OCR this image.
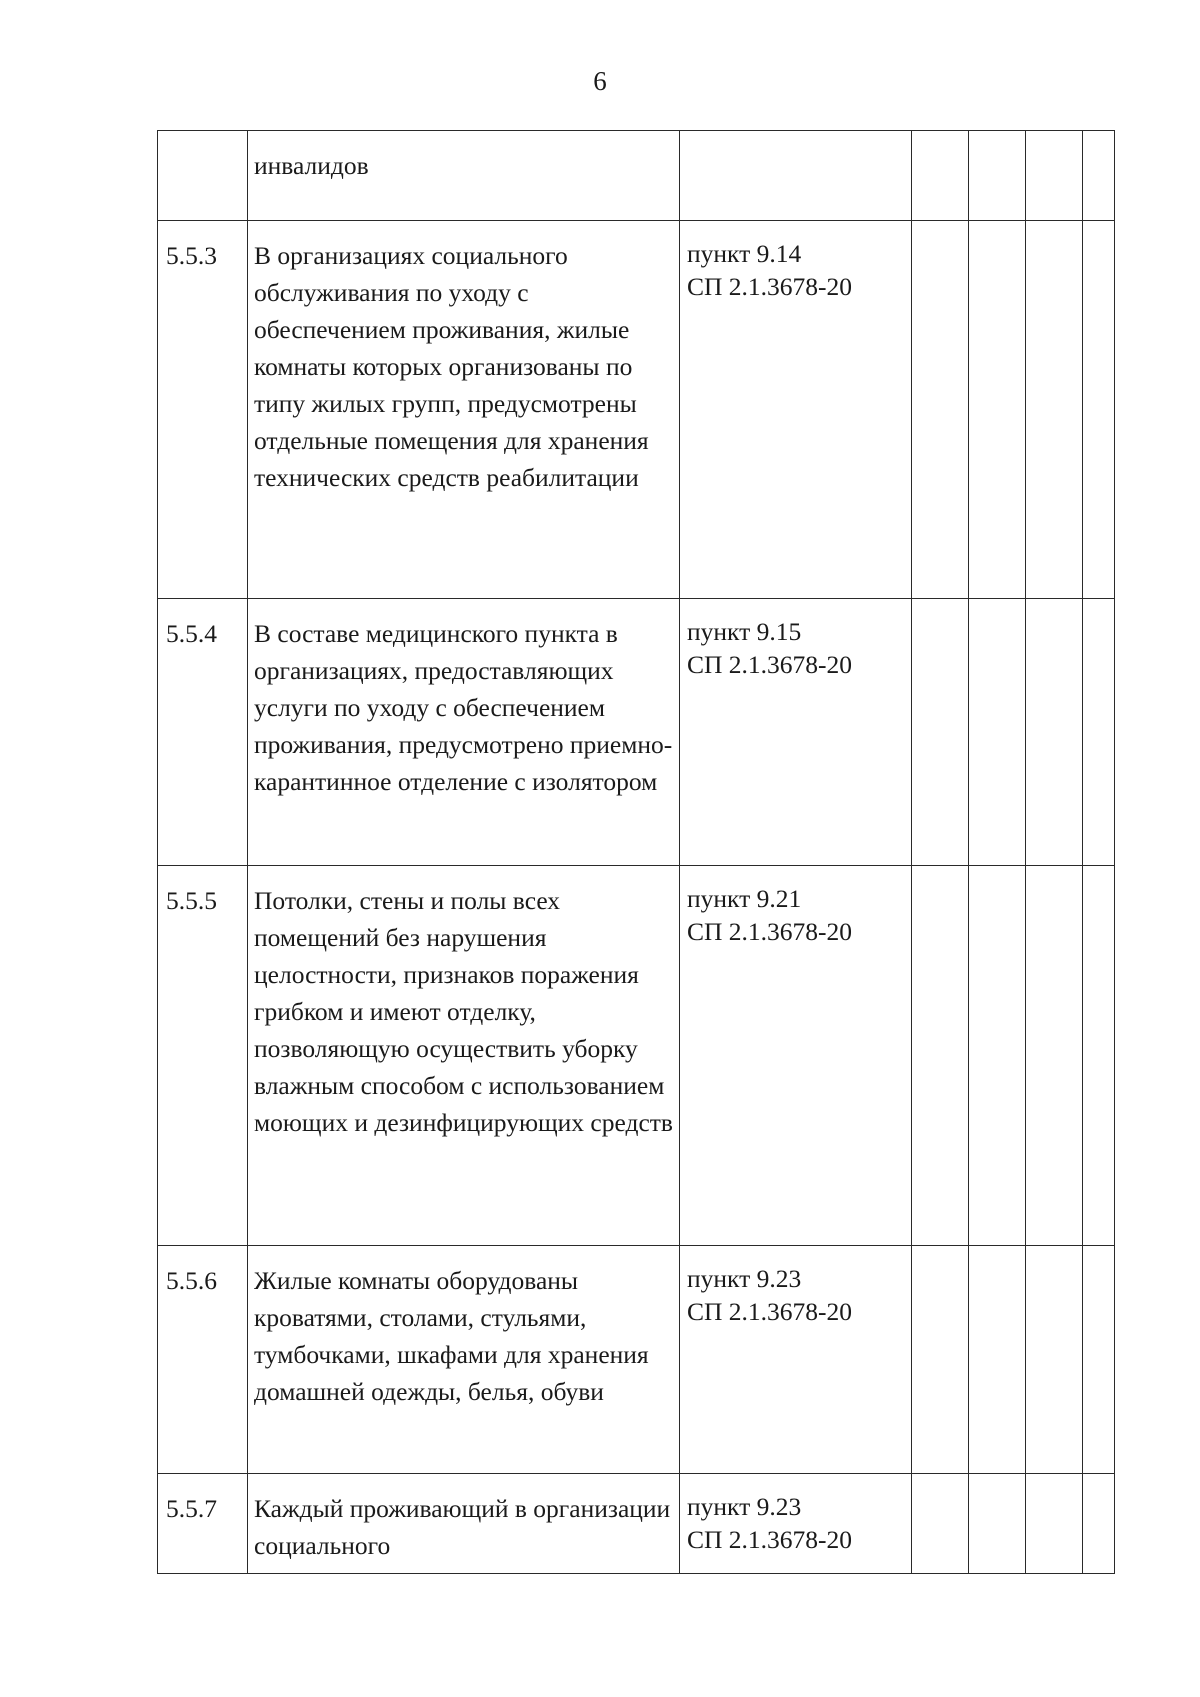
6

	инвалидов					

5.5.3	В организациях социального обслуживания по уходу с обеспечением проживания, жилые комнаты которых организованы по типу жилых групп, предусмотрены отдельные помещения для хранения технических средств реабилитации	пункт 9.14
СП 2.1.3678-20				

5.5.4	В составе медицинского пункта в организациях, предоставляющих услуги по уходу с обеспечением проживания, предусмотрено приемно-карантинное отделение с изолятором	пункт 9.15
СП 2.1.3678-20				

5.5.5	Потолки, стены и полы всех помещений без нарушения целостности, признаков поражения грибком и имеют отделку, позволяющую осуществить уборку влажным способом с использованием моющих и дезинфицирующих средств	пункт 9.21
СП 2.1.3678-20				

5.5.6	Жилые комнаты оборудованы кроватями, столами, стульями, тумбочками, шкафами для хранения домашней одежды, белья, обуви	пункт 9.23
СП 2.1.3678-20				

5.5.7	Каждый проживающий в организации социального	пункт 9.23
СП 2.1.3678-20				
